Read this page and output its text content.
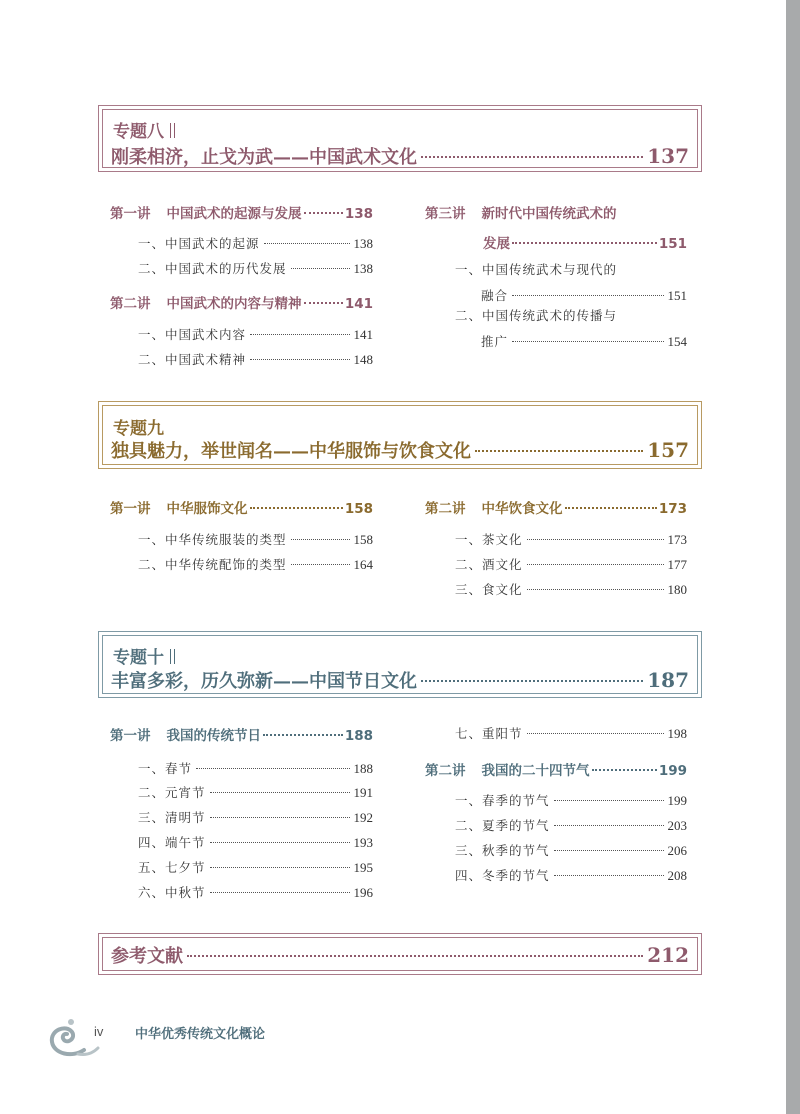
专题八
刚柔相济，止戈为武——中国武术文化	137
第一讲 中国武术的起源与发展	138
一、中国武术的起源	138
二、中国武术的历代发展	138
第二讲 中国武术的内容与精神	141
一、中国武术内容	141
二、中国武术精神	148
第三讲 新时代中国传统武术的
发展	151
一、中国传统武术与现代的
融合	151
二、中国传统武术的传播与
推广	154
专题九
独具魅力，举世闻名——中华服饰与饮食文化	157
第一讲 中华服饰文化	158
一、中华传统服装的类型	158
二、中华传统配饰的类型	164
第二讲 中华饮食文化	173
一、茶文化	173
二、酒文化	177
三、食文化	180
专题十
丰富多彩，历久弥新——中国节日文化	187
第一讲 我国的传统节日	188
一、春节	188
二、元宵节	191
三、清明节	192
四、端午节	193
五、七夕节	195
六、中秋节	196
七、重阳节	198
第二讲 我国的二十四节气	199
一、春季的节气	199
二、夏季的节气	203
三、秋季的节气	206
四、冬季的节气	208
参考文献	212
iv 中华优秀传统文化概论
